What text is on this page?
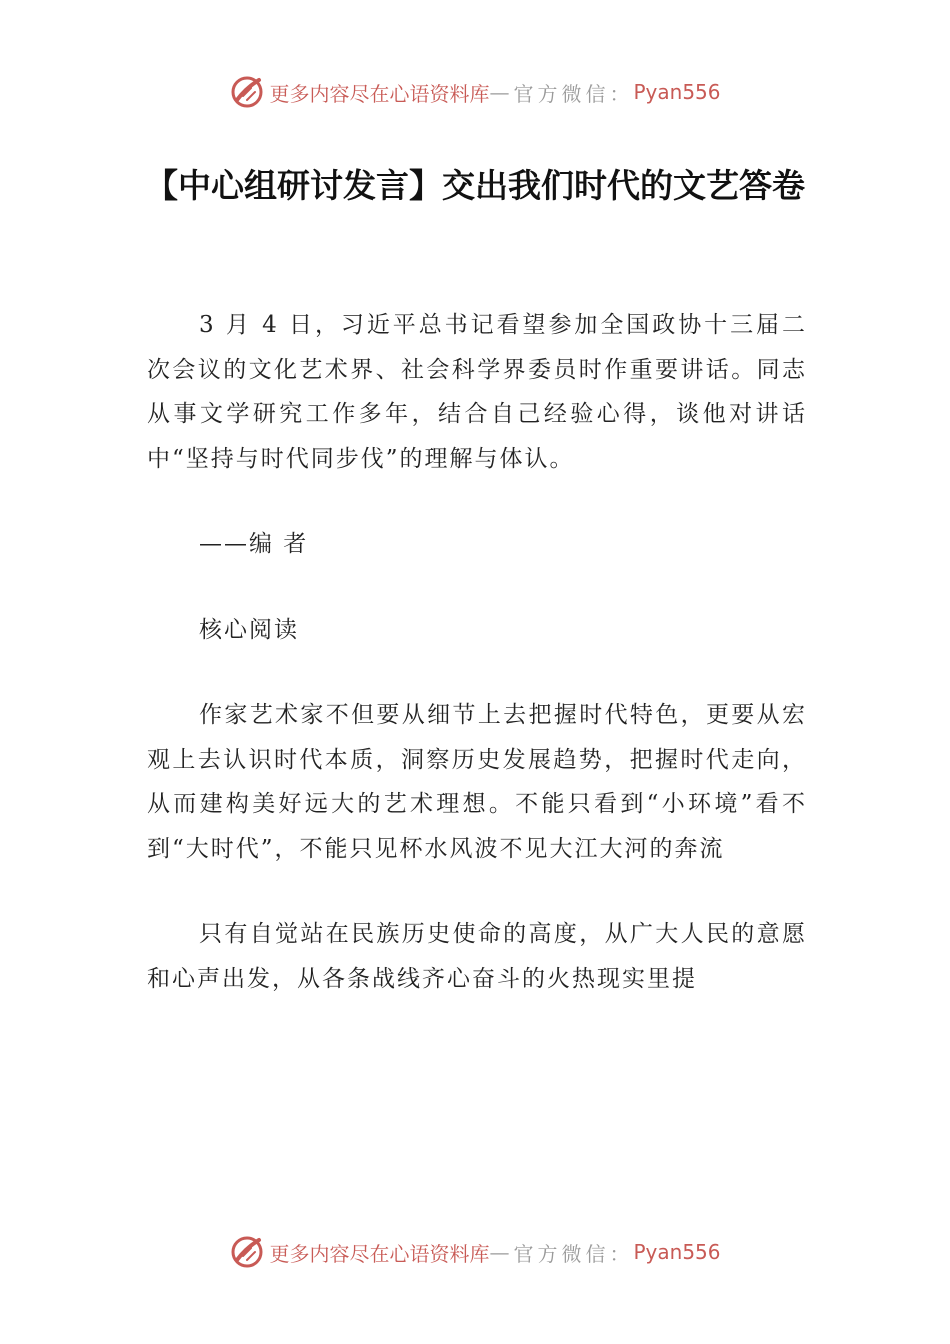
更多内容尽在心语资料库 — 官方微信： Pyan556
【中心组研讨发言】交出我们时代的文艺答卷

3 月 4 日，习近平总书记看望参加全国政协十三届二次会议的文化艺术界、社会科学界委员时作重要讲话。同志从事文学研究工作多年，结合自己经验心得，谈他对讲话中“坚持与时代同步伐”的理解与体认。

——编 者

核心阅读

作家艺术家不但要从细节上去把握时代特色，更要从宏观上去认识时代本质，洞察历史发展趋势，把握时代走向，从而建构美好远大的艺术理想。不能只看到“小环境”看不到“大时代”，不能只见杯水风波不见大江大河的奔流

只有自觉站在民族历史使命的高度，从广大人民的意愿和心声出发，从各条战线齐心奋斗的火热现实里提

更多内容尽在心语资料库 — 官方微信： Pyan556
